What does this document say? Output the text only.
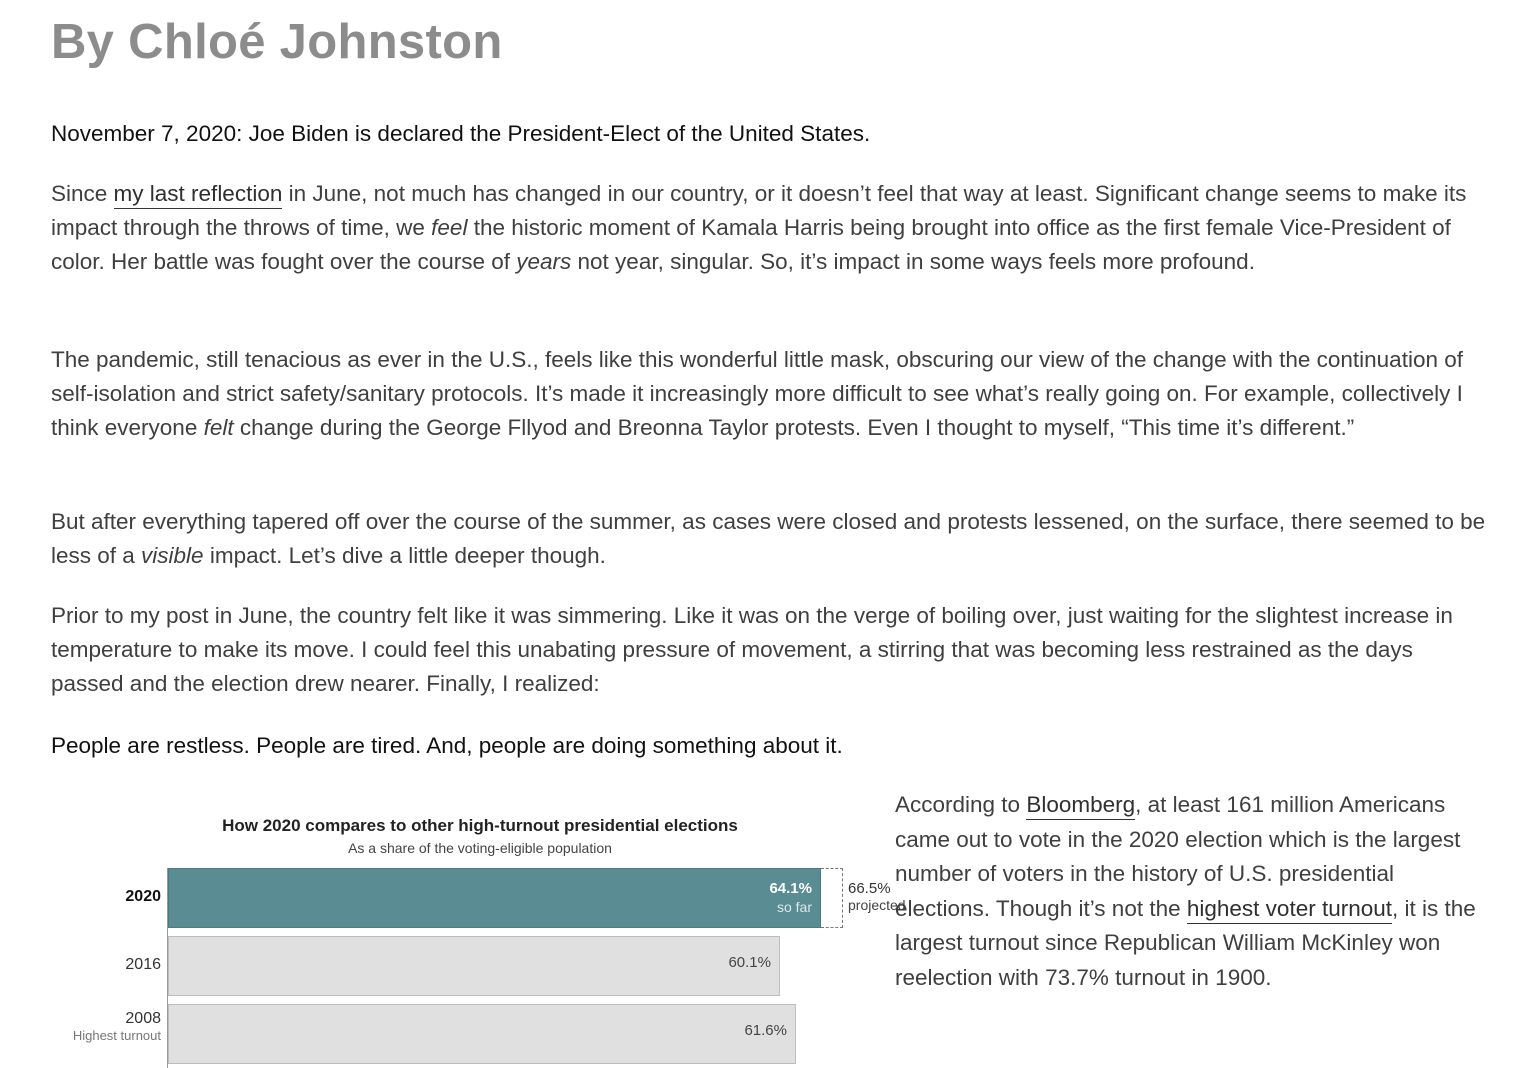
By Chloé Johnston

November 7, 2020: Joe Biden is declared the President-Elect of the United States.

Since my last reflection in June, not much has changed in our country, or it doesn’t feel that way at least. Significant change seems to make its impact through the throws of time, we feel the historic moment of Kamala Harris being brought into office as the first female Vice-President of color. Her battle was fought over the course of years not year, singular. So, it’s impact in some ways feels more profound.

The pandemic, still tenacious as ever in the U.S., feels like this wonderful little mask, obscuring our view of the change with the continuation of self-isolation and strict safety/sanitary protocols. It’s made it increasingly more difficult to see what’s really going on. For example, collectively I think everyone felt change during the George Fllyod and Breonna Taylor protests. Even I thought to myself, “This time it’s different.”

But after everything tapered off over the course of the summer, as cases were closed and protests lessened, on the surface, there seemed to be less of a visible impact. Let’s dive a little deeper though.

Prior to my post in June, the country felt like it was simmering. Like it was on the verge of boiling over, just waiting for the slightest increase in temperature to make its move. I could feel this unabating pressure of movement, a stirring that was becoming less restrained as the days passed and the election drew nearer. Finally, I realized:

People are restless. People are tired. And, people are doing something about it.

How 2020 compares to other high-turnout presidential elections
As a share of the voting-eligible population
2020	64.1%
so far
66.5%
projected
2016	60.1%
2008
Highest turnout	61.6%

According to Bloomberg, at least 161 million Americans came out to vote in the 2020 election which is the largest number of voters in the history of U.S. presidential elections. Though it’s not the highest voter turnout, it is the largest turnout since Republican William McKinley won reelection with 73.7% turnout in 1900.
